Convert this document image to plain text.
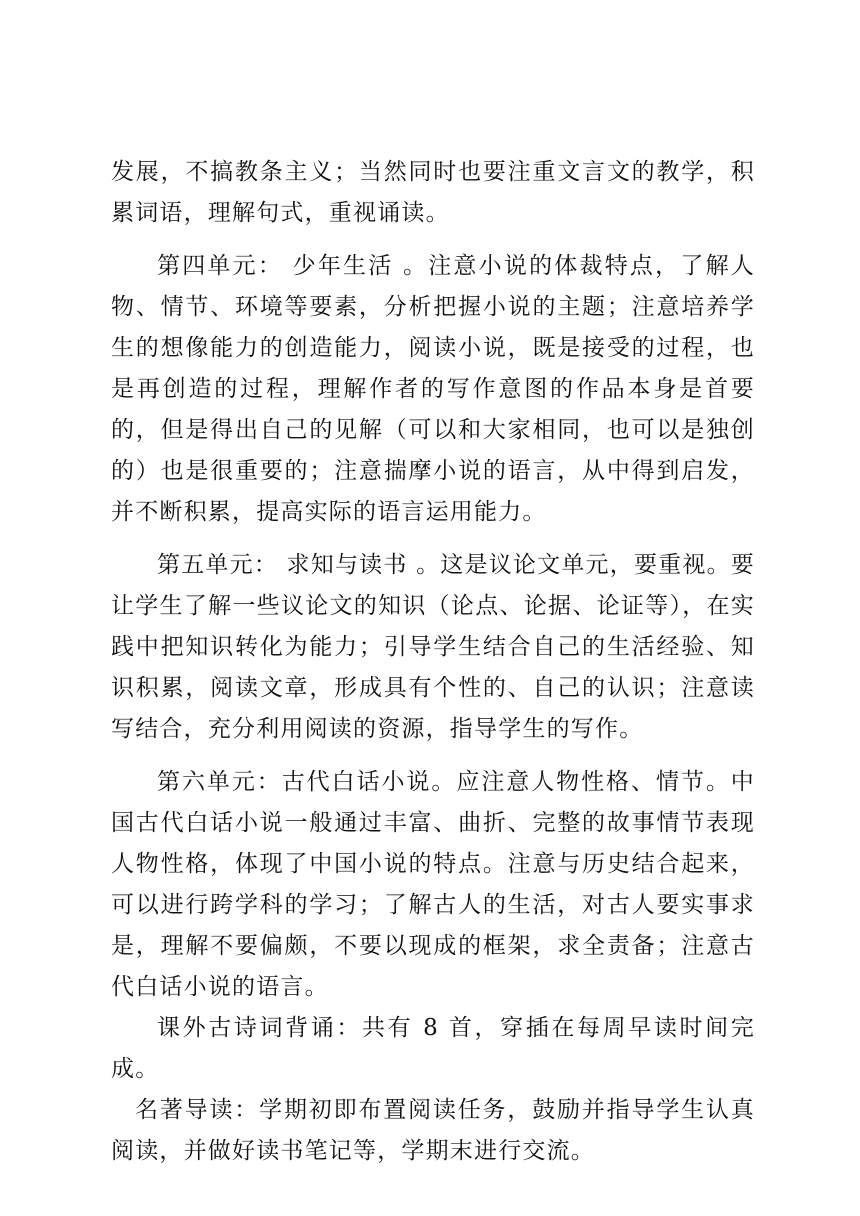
发展，不搞教条主义；当然同时也要注重文言文的教学，积累词语，理解句式，重视诵读。

第四单元： 少年生活 。注意小说的体裁特点，了解人物、情节、环境等要素，分析把握小说的主题；注意培养学生的想像能力的创造能力，阅读小说，既是接受的过程，也是再创造的过程，理解作者的写作意图的作品本身是首要的，但是得出自己的见解（可以和大家相同，也可以是独创的）也是很重要的；注意揣摩小说的语言，从中得到启发，并不断积累，提高实际的语言运用能力。

第五单元： 求知与读书 。这是议论文单元，要重视。要让学生了解一些议论文的知识（论点、论据、论证等），在实践中把知识转化为能力；引导学生结合自己的生活经验、知识积累，阅读文章，形成具有个性的、自己的认识；注意读写结合，充分利用阅读的资源，指导学生的写作。

第六单元：古代白话小说。应注意人物性格、情节。中国古代白话小说一般通过丰富、曲折、完整的故事情节表现人物性格，体现了中国小说的特点。注意与历史结合起来，可以进行跨学科的学习；了解古人的生活，对古人要实事求是，理解不要偏颇，不要以现成的框架，求全责备；注意古代白话小说的语言。

课外古诗词背诵：共有 8 首，穿插在每周早读时间完成。

名著导读：学期初即布置阅读任务，鼓励并指导学生认真阅读，并做好读书笔记等，学期末进行交流。
